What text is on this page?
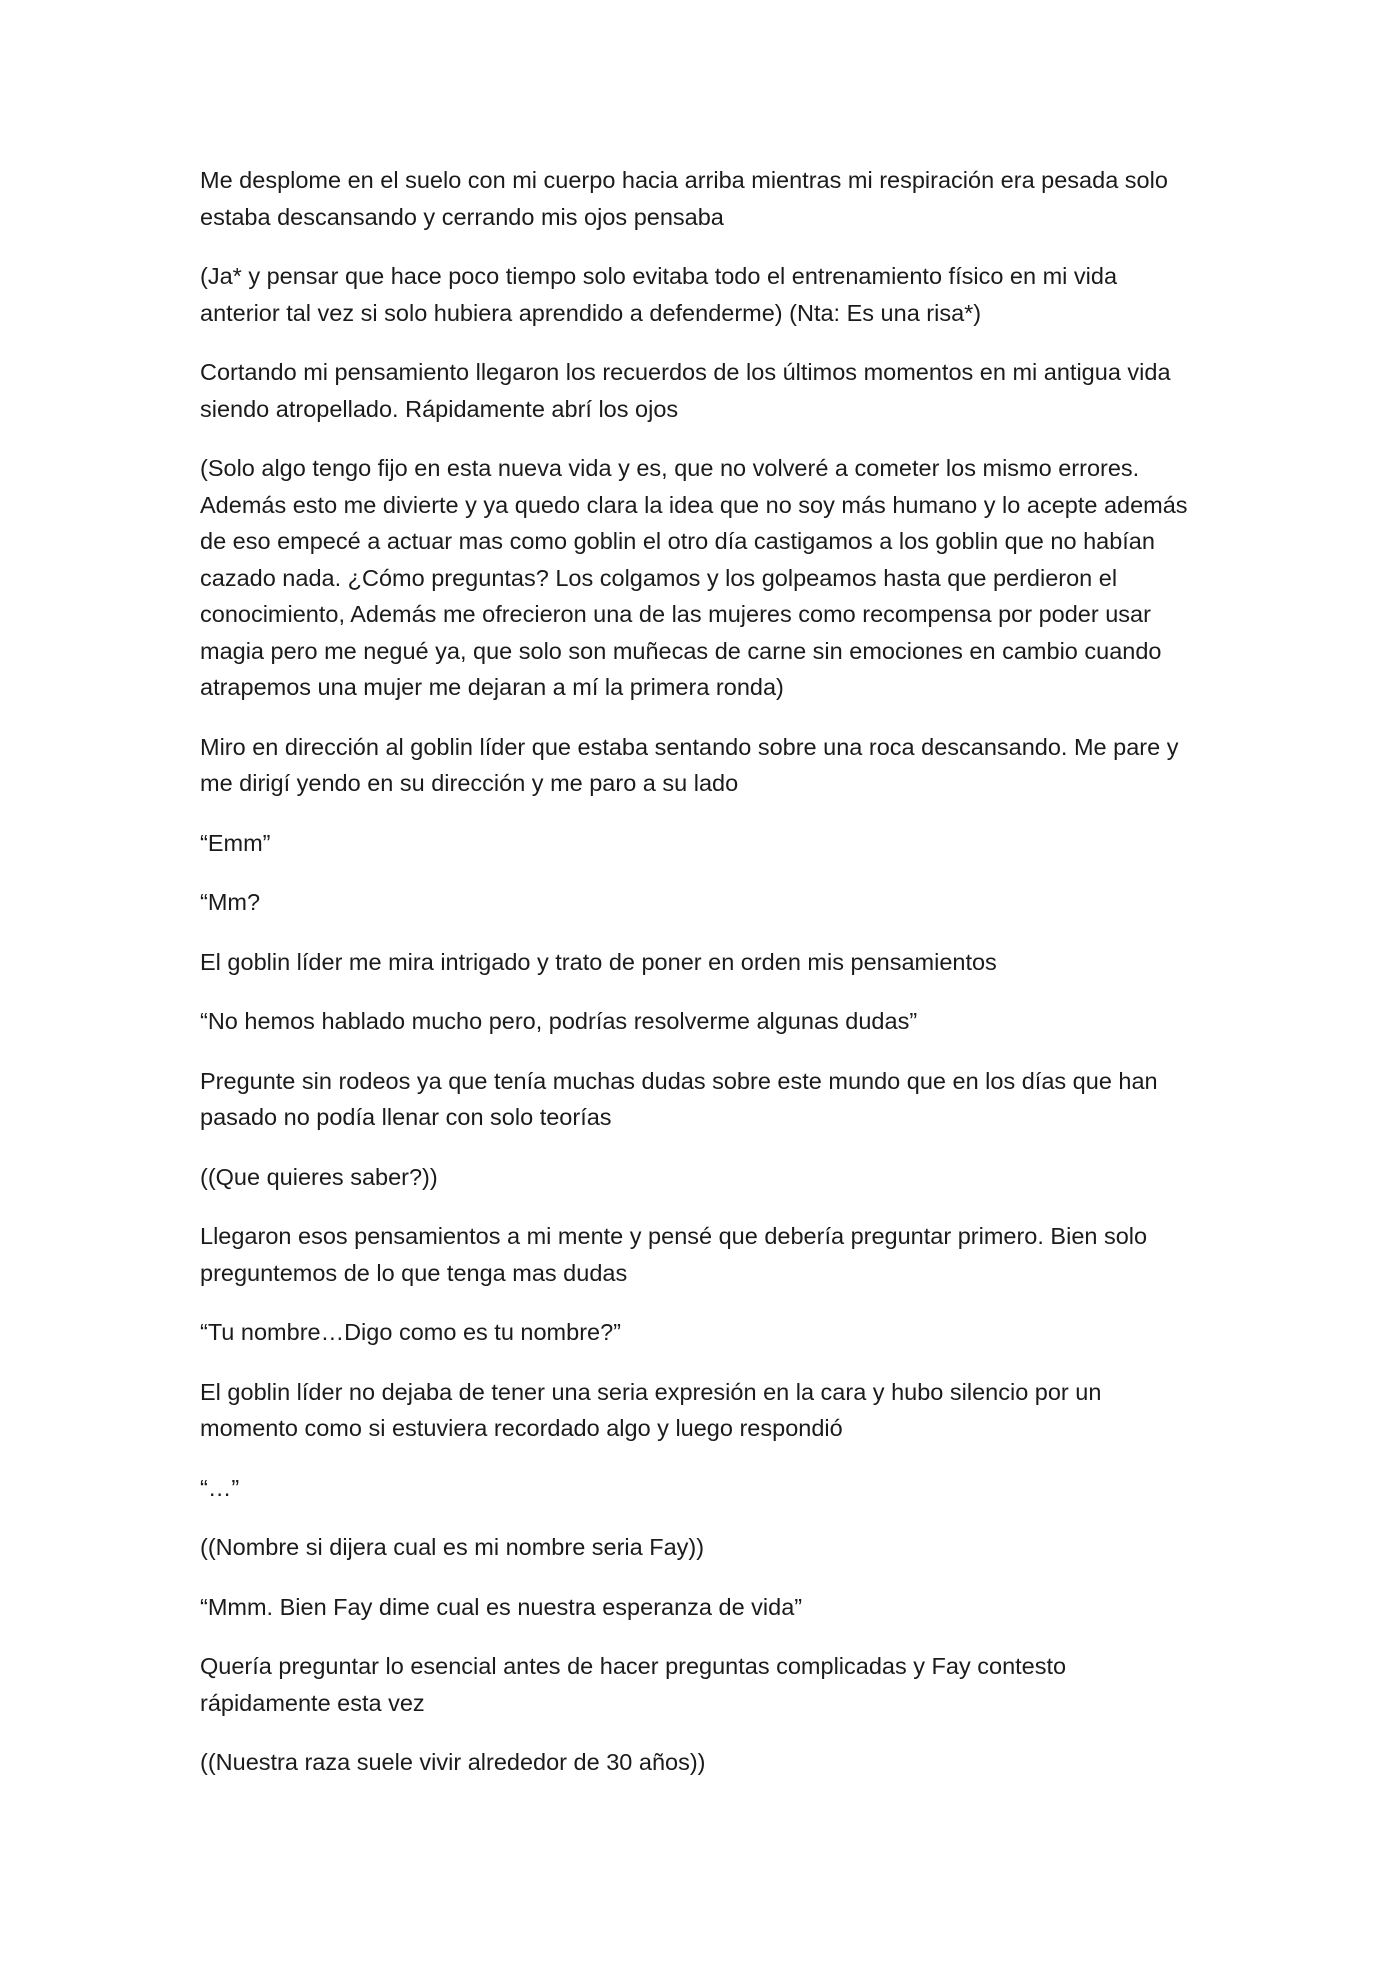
Me desplome en el suelo con mi cuerpo hacia arriba mientras mi respiración era pesada solo estaba descansando y cerrando mis ojos pensaba

(Ja* y pensar que hace poco tiempo solo evitaba todo el entrenamiento físico en mi vida anterior tal vez si solo hubiera aprendido a defenderme) (Nta: Es una risa*)

Cortando mi pensamiento llegaron los recuerdos de los últimos momentos en mi antigua vida siendo atropellado. Rápidamente abrí los ojos

(Solo algo tengo fijo en esta nueva vida y es, que no volveré a cometer los mismo errores. Además esto me divierte y ya quedo clara la idea que no soy más humano y lo acepte además de eso empecé a actuar mas como goblin el otro día castigamos a los goblin que no habían cazado nada. ¿Cómo preguntas? Los colgamos y los golpeamos hasta que perdieron el conocimiento, Además me ofrecieron una de las mujeres como recompensa por poder usar magia pero me negué ya, que solo son muñecas de carne sin emociones en cambio cuando atrapemos una mujer me dejaran a mí la primera ronda)

Miro en dirección al goblin líder que estaba sentando sobre una roca descansando. Me pare y me dirigí yendo en su dirección y me paro a su lado

“Emm”

“Mm?

El goblin líder me mira intrigado y trato de poner en orden mis pensamientos

“No hemos hablado mucho pero, podrías resolverme algunas dudas”

Pregunte sin rodeos ya que tenía muchas dudas sobre este mundo que en los días que han pasado no podía llenar con solo teorías

((Que quieres saber?))

Llegaron esos pensamientos a mi mente y pensé que debería preguntar primero. Bien solo preguntemos de lo que tenga mas dudas

“Tu nombre…Digo como es tu nombre?”

El goblin líder no dejaba de tener una seria expresión en la cara y hubo silencio por un momento como si estuviera recordado algo y luego respondió

“…”

((Nombre si dijera cual es mi nombre seria Fay))

“Mmm. Bien Fay dime cual es nuestra esperanza de vida”

Quería preguntar lo esencial antes de hacer preguntas complicadas y Fay contesto rápidamente esta vez

((Nuestra raza suele vivir alrededor de 30 años))
